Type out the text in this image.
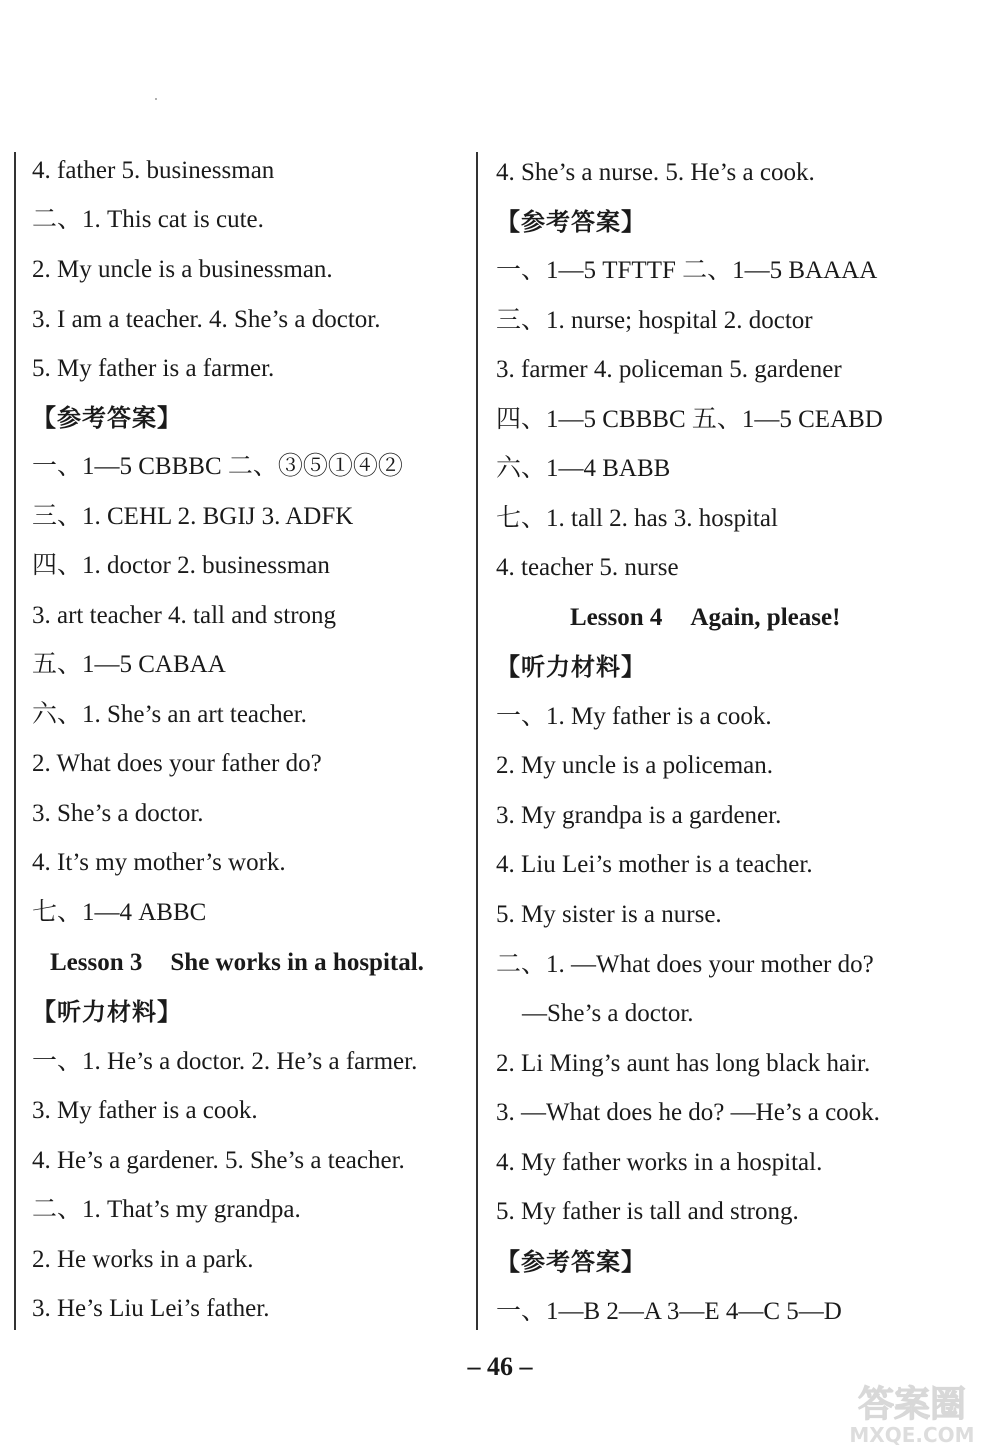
4. father 5. businessman
二、1. This cat is cute.
2. My uncle is a businessman.
3. I am a teacher. 4. She’s a doctor.
5. My father is a farmer.
【参考答案】
一、1—5 CBBBC 二、③⑤①④②
三、1. CEHL 2. BGIJ 3. ADFK
四、1. doctor 2. businessman
3. art teacher 4. tall and strong
五、1—5 CABAA
六、1. She’s an art teacher.
2. What does your father do?
3. She’s a doctor.
4. It’s my mother’s work.
七、1—4 ABBC
Lesson 3 She works in a hospital.
【听力材料】
一、1. He’s a doctor. 2. He’s a farmer.
3. My father is a cook.
4. He’s a gardener. 5. She’s a teacher.
二、1. That’s my grandpa.
2. He works in a park.
3. He’s Liu Lei’s father.
4. She’s a nurse. 5. He’s a cook.
【参考答案】
一、1—5 TFTTF 二、1—5 BAAAA
三、1. nurse; hospital 2. doctor
3. farmer 4. policeman 5. gardener
四、1—5 CBBBC 五、1—5 CEABD
六、1—4 BABB
七、1. tall 2. has 3. hospital
4. teacher 5. nurse
Lesson 4 Again, please!
【听力材料】
一、1. My father is a cook.
2. My uncle is a policeman.
3. My grandpa is a gardener.
4. Liu Lei’s mother is a teacher.
5. My sister is a nurse.
二、1. —What does your mother do?
—She’s a doctor.
2. Li Ming’s aunt has long black hair.
3. —What does he do? —He’s a cook.
4. My father works in a hospital.
5. My father is tall and strong.
【参考答案】
一、1—B 2—A 3—E 4—C 5—D
– 46 –
答案圈
MXQE.COM
